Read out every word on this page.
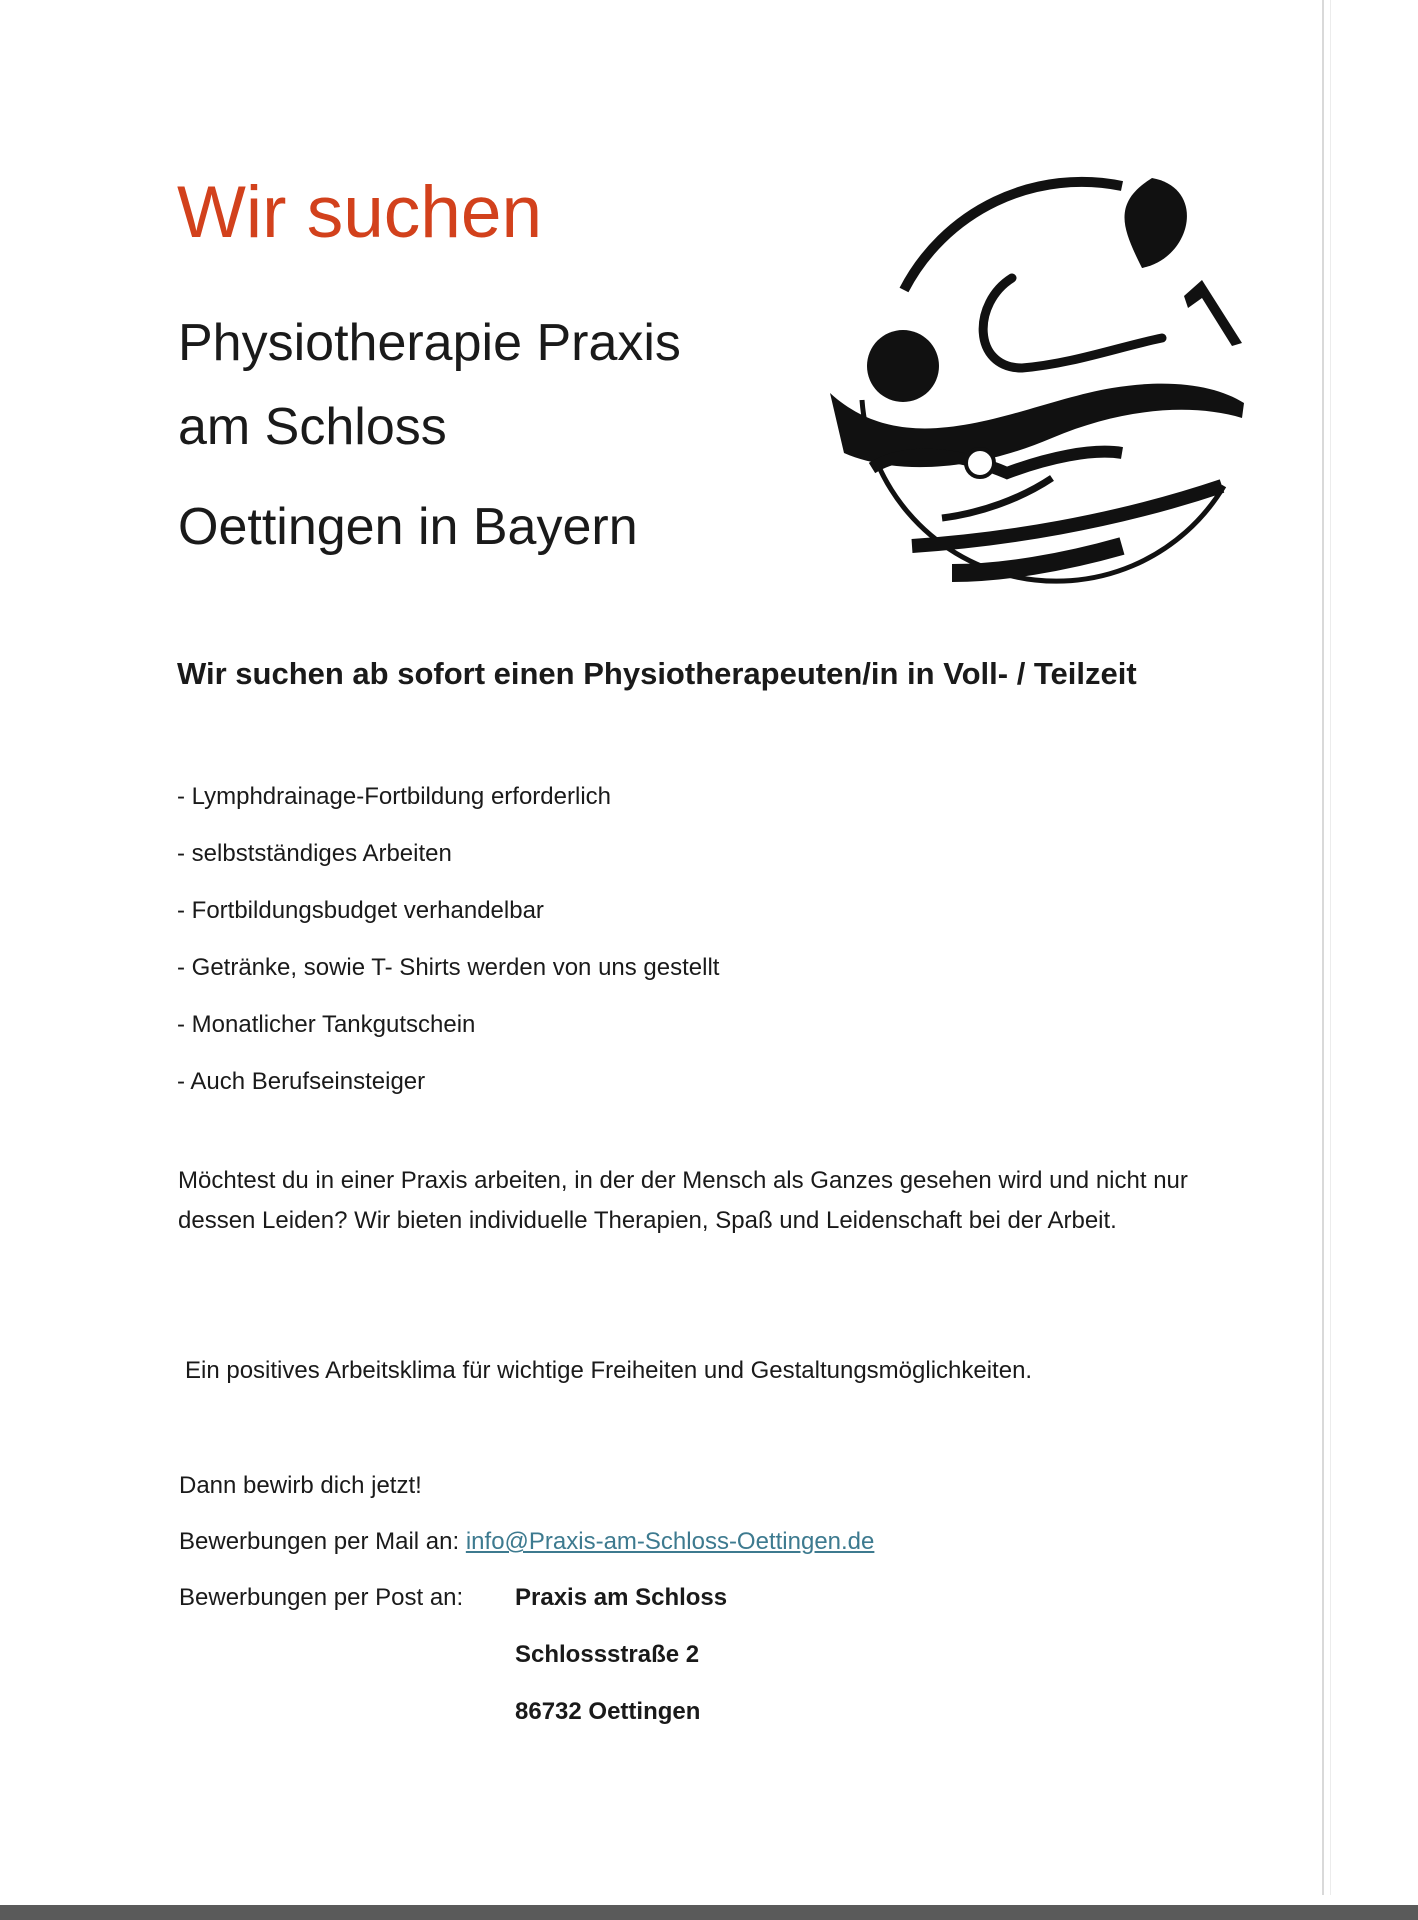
Wir suchen
Physiotherapie Praxis
am Schloss
Oettingen in Bayern
Wir suchen ab sofort einen Physiotherapeuten/in in Voll- / Teilzeit
- Lymphdrainage-Fortbildung erforderlich
- selbstständiges Arbeiten
- Fortbildungsbudget verhandelbar
- Getränke, sowie T- Shirts werden von uns gestellt
- Monatlicher Tankgutschein
- Auch Berufseinsteiger

Möchtest du in einer Praxis arbeiten, in der der Mensch als Ganzes gesehen wird und nicht nur dessen Leiden? Wir bieten individuelle Therapien, Spaß und Leidenschaft bei der Arbeit.

Ein positives Arbeitsklima für wichtige Freiheiten und Gestaltungsmöglichkeiten.

Dann bewirb dich jetzt!

Bewerbungen per Mail an: info@Praxis-am-Schloss-Oettingen.de

Bewerbungen per Post an: Praxis am Schloss

Schlossstraße 2

86732 Oettingen
